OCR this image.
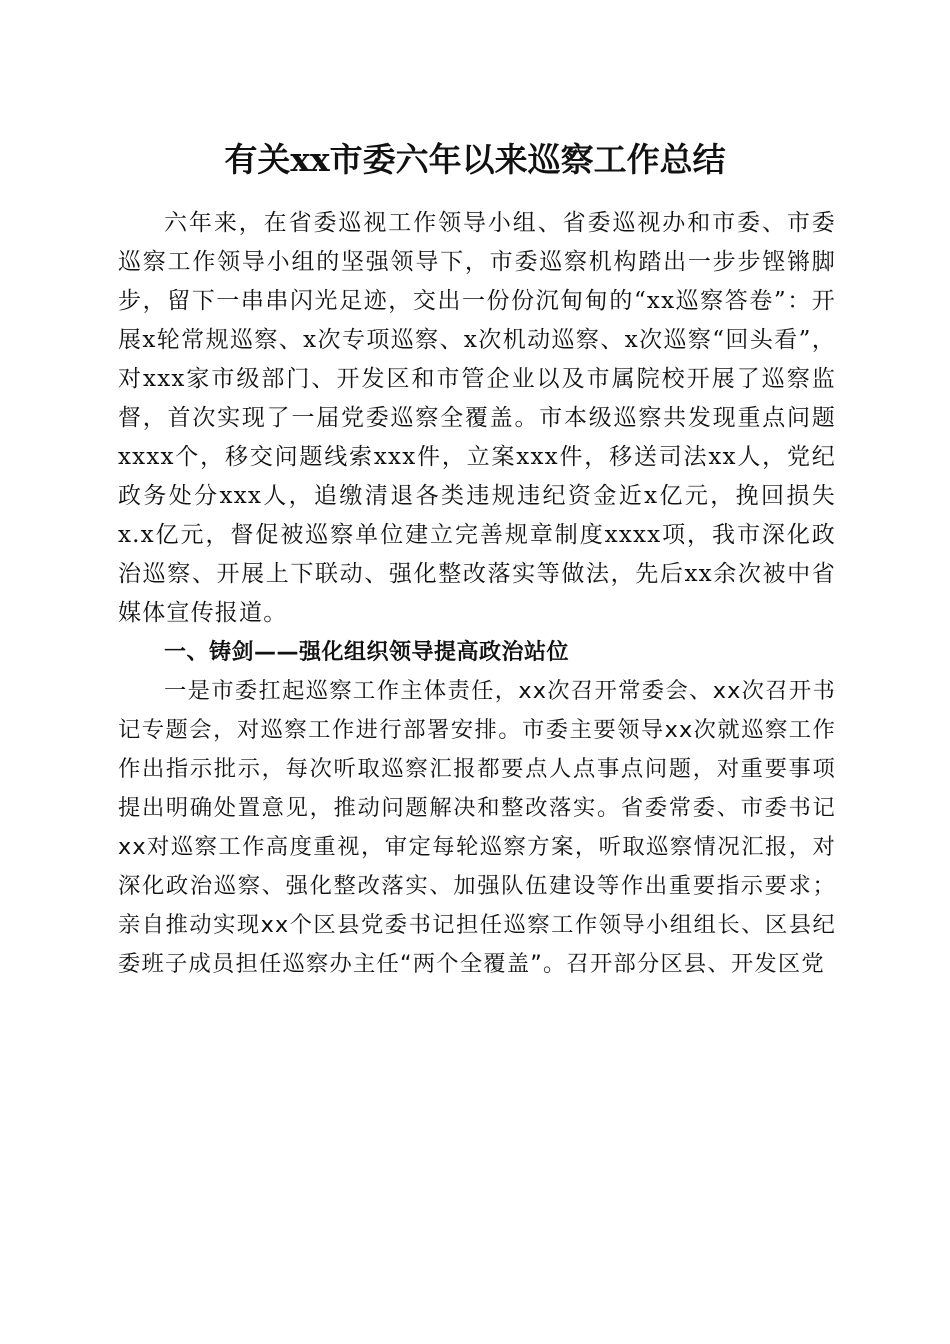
有关xx市委六年以来巡察工作总结

六年来，在省委巡视工作领导小组、省委巡视办和市委、市委巡察工作领导小组的坚强领导下，市委巡察机构踏出一步步铿锵脚步，留下一串串闪光足迹，交出一份份沉甸甸的“xx巡察答卷”：开展x轮常规巡察、x次专项巡察、x次机动巡察、x次巡察“回头看”，对xxx家市级部门、开发区和市管企业以及市属院校开展了巡察监督，首次实现了一届党委巡察全覆盖。市本级巡察共发现重点问题xxxx个，移交问题线索xxx件，立案xxx件，移送司法xx人，党纪政务处分xxx人，追缴清退各类违规违纪资金近x亿元，挽回损失x.x亿元，督促被巡察单位建立完善规章制度xxxx项，我市深化政治巡察、开展上下联动、强化整改落实等做法，先后xx余次被中省媒体宣传报道。

一、铸剑——强化组织领导提高政治站位

一是市委扛起巡察工作主体责任，xx次召开常委会、xx次召开书记专题会，对巡察工作进行部署安排。市委主要领导xx次就巡察工作作出指示批示，每次听取巡察汇报都要点人点事点问题，对重要事项提出明确处置意见，推动问题解决和整改落实。省委常委、市委书记xx对巡察工作高度重视，审定每轮巡察方案，听取巡察情况汇报，对深化政治巡察、强化整改落实、加强队伍建设等作出重要指示要求；亲自推动实现xx个区县党委书记担任巡察工作领导小组组长、区县纪委班子成员担任巡察办主任“两个全覆盖”。召开部分区县、开发区党
